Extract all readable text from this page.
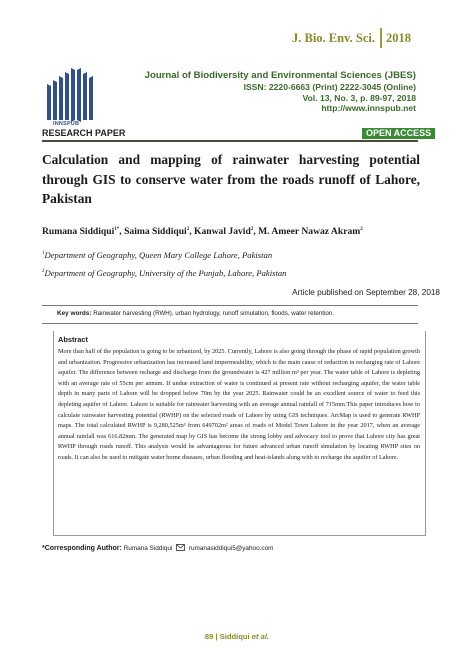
J. Bio. Env. Sci. 2018
INNSPUB
Journal of Biodiversity and Environmental Sciences (JBES)
ISSN: 2220-6663 (Print) 2222-3045 (Online)
Vol. 13, No. 3, p. 89-97, 2018
http://www.innspub.net
RESEARCH PAPER	OPEN ACCESS
Calculation and mapping of rainwater harvesting potential through GIS to conserve water from the roads runoff of Lahore, Pakistan
Rumana Siddiqui$^{1*}$, Saima Siddiqui$^2$, Kanwal Javid$^2$, M. Ameer Nawaz Akram$^2$
$^1$Department of Geography, Queen Mary College Lahore, Pakistan
$^2$Department of Geography, University of the Punjab, Lahore, Pakistan
Article published on September 28, 2018
Key words: Rainwater harvesting (RWH), urban hydrology, runoff simulation, floods, water retention.
Abstract
More than half of the population is going to be urbanized, by 2025. Currently, Lahore is also going through the phase of rapid population growth and urbanization. Progressive urbanization has increased land impermeability, which is the main cause of reduction in recharging rate of Lahore aquifer. The difference between recharge and discharge from the groundwater is 427 million m³ per year. The water table of Lahore is depleting with an average rate of 55cm per annum. If undue extraction of water is continued at present rate without recharging aquifer, the water table depth in many parts of Lahore will be dropped below 70m by the year 2025. Rainwater could be an excellent source of water to feed this depleting aquifer of Lahore. Lahore is suitable for rainwater harvesting with an average annual rainfall of 715mm.This paper introduces how to calculate rainwater harvesting potential (RWHP) on the selected roads of Lahore by using GIS techniques. ArcMap is used to generate RWHP maps. The total calculated RWHP is 9,280,525m³ from 649702m² areas of roads of Model Town Lahore in the year 2017, when an average annual rainfall was 616.82mm. The generated map by GIS has become the strong lobby and advocacy tool to prove that Lahore city has great RWHP through roads runoff. This analysis would be advantageous for future advanced urban runoff simulation by locating RWHP sites on roads. It can also be used to mitigate water borne diseases, urban flooding and heat-islands along with to recharge the aquifer of Lahore.
*Corresponding Author: Rumana Siddiqui	rumanasiddiqui5@yahoo.com
89 | Siddiqui et al.
